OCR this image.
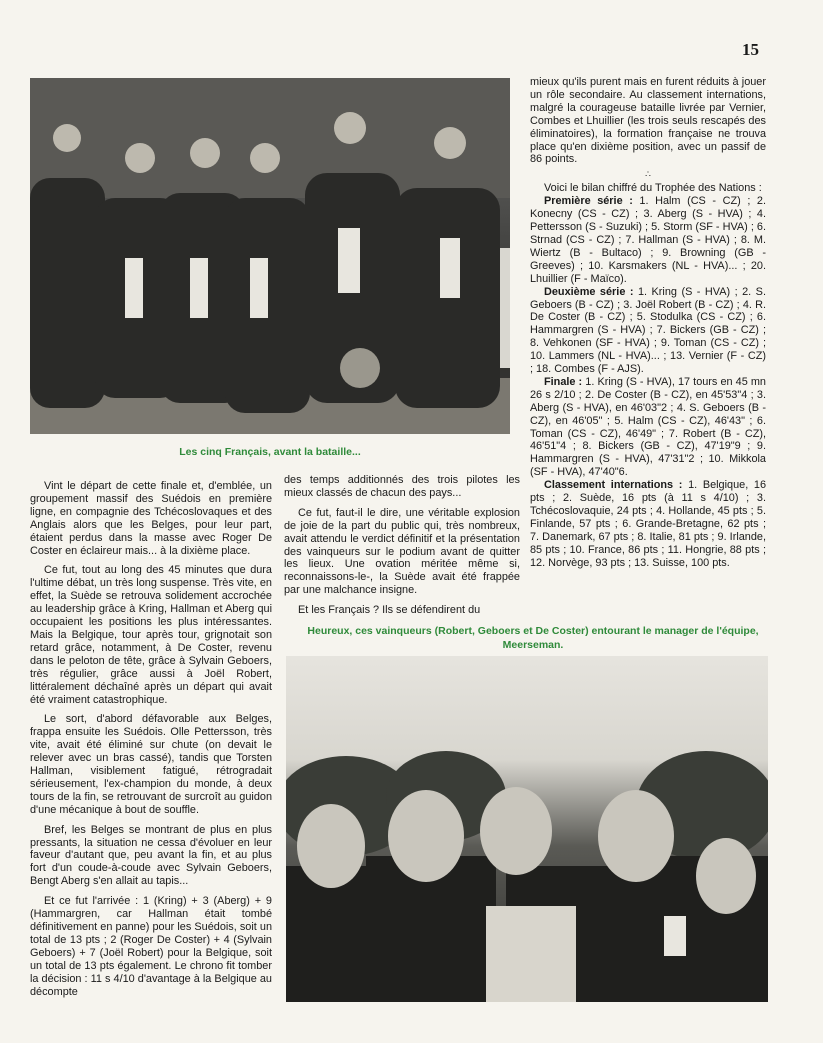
15

mieux qu'ils purent mais en furent réduits à jouer un rôle secondaire. Au classement internations, malgré la courageuse bataille livrée par Vernier, Combes et Lhuillier (les trois seuls rescapés des éliminatoires), la formation française ne trouva place qu'en dixième position, avec un passif de 86 points.

∴

Voici le bilan chiffré du Trophée des Nations :

Première série : 1. Halm (CS - CZ) ; 2. Konecny (CS - CZ) ; 3. Aberg (S - HVA) ; 4. Pettersson (S - Suzuki) ; 5. Storm (SF - HVA) ; 6. Strnad (CS - CZ) ; 7. Hallman (S - HVA) ; 8. M. Wiertz (B - Bultaco) ; 9. Browning (GB - Greeves) ; 10. Karsmakers (NL - HVA)... ; 20. Lhuillier (F - Maïco).

Deuxième série : 1. Kring (S - HVA) ; 2. S. Geboers (B - CZ) ; 3. Joël Robert (B - CZ) ; 4. R. De Coster (B - CZ) ; 5. Stodulka (CS - CZ) ; 6. Hammargren (S - HVA) ; 7. Bickers (GB - CZ) ; 8. Vehkonen (SF - HVA) ; 9. Toman (CS - CZ) ; 10. Lammers (NL - HVA)... ; 13. Vernier (F - CZ) ; 18. Combes (F - AJS).

Finale : 1. Kring (S - HVA), 17 tours en 45 mn 26 s 2/10 ; 2. De Coster (B - CZ), en 45'53"4 ; 3. Aberg (S - HVA), en 46'03"2 ; 4. S. Geboers (B - CZ), en 46'05" ; 5. Halm (CS - CZ), 46'43" ; 6. Toman (CS - CZ), 46'49" ; 7. Robert (B - CZ), 46'51"4 ; 8. Bickers (GB - CZ), 47'19"9 ; 9. Hammargren (S - HVA), 47'31"2 ; 10. Mikkola (SF - HVA), 47'40"6.

Classement internations : 1. Belgique, 16 pts ; 2. Suède, 16 pts (à 11 s 4/10) ; 3. Tchécoslovaquie, 24 pts ; 4. Hollande, 45 pts ; 5. Finlande, 57 pts ; 6. Grande-Bretagne, 62 pts ; 7. Danemark, 67 pts ; 8. Italie, 81 pts ; 9. Irlande, 85 pts ; 10. France, 86 pts ; 11. Hongrie, 88 pts ; 12. Norvège, 93 pts ; 13. Suisse, 100 pts.

Les cinq Français, avant la bataille...

Vint le départ de cette finale et, d'emblée, un groupement massif des Suédois en première ligne, en compagnie des Tchécoslovaques et des Anglais alors que les Belges, pour leur part, étaient perdus dans la masse avec Roger De Coster en éclaireur mais... à la dixième place.

Ce fut, tout au long des 45 minutes que dura l'ultime débat, un très long suspense. Très vite, en effet, la Suède se retrouva solidement accrochée au leadership grâce à Kring, Hallman et Aberg qui occupaient les positions les plus intéressantes. Mais la Belgique, tour après tour, grignotait son retard grâce, notamment, à De Coster, revenu dans le peloton de tête, grâce à Sylvain Geboers, très régulier, grâce aussi à Joël Robert, littéralement déchaîné après un départ qui avait été vraiment catastrophique.

Le sort, d'abord défavorable aux Belges, frappa ensuite les Suédois. Olle Pettersson, très vite, avait été éliminé sur chute (on devait le relever avec un bras cassé), tandis que Torsten Hallman, visiblement fatigué, rétrogradait sérieusement, l'ex-champion du monde, à deux tours de la fin, se retrouvant de surcroît au guidon d'une mécanique à bout de souffle.

Bref, les Belges se montrant de plus en plus pressants, la situation ne cessa d'évoluer en leur faveur d'autant que, peu avant la fin, et au plus fort d'un coude-à-coude avec Sylvain Geboers, Bengt Aberg s'en allait au tapis...

Et ce fut l'arrivée : 1 (Kring) + 3 (Aberg) + 9 (Hammargren, car Hallman était tombé définitivement en panne) pour les Suédois, soit un total de 13 pts ; 2 (Roger De Coster) + 4 (Sylvain Geboers) + 7 (Joël Robert) pour la Belgique, soit un total de 13 pts également. Le chrono fit tomber la décision : 11 s 4/10 d'avantage à la Belgique au décompte

des temps additionnés des trois pilotes les mieux classés de chacun des pays...

Ce fut, faut-il le dire, une véritable explosion de joie de la part du public qui, très nombreux, avait attendu le verdict définitif et la présentation des vainqueurs sur le podium avant de quitter les lieux. Une ovation méritée même si, reconnaissons-le-, la Suède avait été frappée par une malchance insigne.

Et les Français ? Ils se défendirent du

Heureux, ces vainqueurs (Robert, Geboers et De Coster) entourant le manager de l'équipe, Meerseman.
